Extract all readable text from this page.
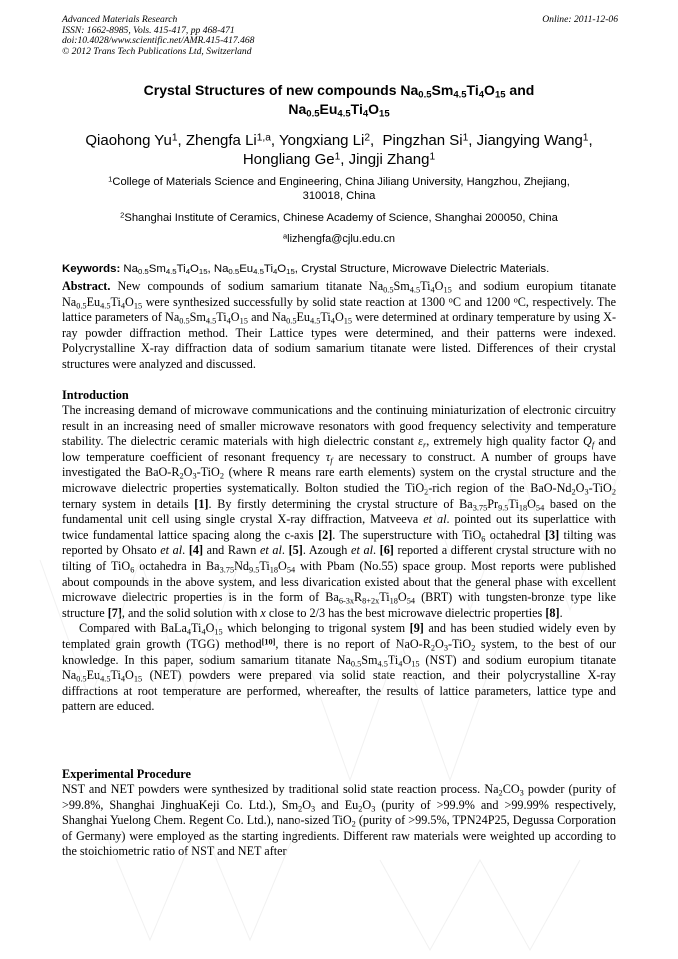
Advanced Materials Research
ISSN: 1662-8985, Vols. 415-417, pp 468-471
doi:10.4028/www.scientific.net/AMR.415-417.468
© 2012 Trans Tech Publications Ltd, Switzerland
Online: 2011-12-06
Crystal Structures of new compounds $Na_{0.5}Sm_{4.5}Ti_4O_{15}$ and
$Na_{0.5}Eu_{4.5}Ti_4O_{15}$
Qiaohong Yu$^1$, Zhengfa Li$^{1,a}$, Yongxiang Li$^2$,  Pingzhan Si$^1$, Jiangying Wang$^1$,
Hongliang Ge$^1$, Jingji Zhang$^1$
$^1$College of Materials Science and Engineering, China Jiliang University, Hangzhou, Zhejiang,
310018, China
$^2$Shanghai Institute of Ceramics, Chinese Academy of Science, Shanghai 200050, China
$^a$lizhengfa@cjlu.edu.cn
Keywords: $Na_{0.5}Sm_{4.5}Ti_4O_{15}$, $Na_{0.5}Eu_{4.5}Ti_4O_{15}$, Crystal Structure, Microwave Dielectric Materials.

Abstract. New compounds of sodium samarium titanate $Na_{0.5}Sm_{4.5}Ti_4O_{15}$ and sodium europium titanate $Na_{0.5}Eu_{4.5}Ti_4O_{15}$ were synthesized successfully by solid state reaction at 1300 $^o$C and 1200 $^o$C, respectively. The lattice parameters of $Na_{0.5}Sm_{4.5}Ti_4O_{15}$ and $Na_{0.5}Eu_{4.5}Ti_4O_{15}$ were determined at ordinary temperature by using X-ray powder diffraction method. Their Lattice types were determined, and their patterns were indexed. Polycrystalline X-ray diffraction data of sodium samarium titanate were listed. Differences of their crystal structures were analyzed and discussed.

Introduction

The increasing demand of microwave communications and the continuing miniaturization of electronic circuitry result in an increasing need of smaller microwave resonators with good frequency selectivity and temperature stability. The dielectric ceramic materials with high dielectric constant $\varepsilon_r$, extremely high quality factor $Q_f$ and low temperature coefficient of resonant frequency $\tau_f$ are necessary to construct. A number of groups have investigated the BaO-$R_2O_3-TiO_2$ (where R means rare earth elements) system on the crystal structure and the microwave dielectric properties systematically. Bolton studied the TiO$_2$-rich region of the BaO-$Nd_2O_3-TiO_2$ ternary system in details [1]. By firstly determining the crystal structure of $Ba_{3.75}Pr_{9.5}Ti_{18}O_{54}$ based on the fundamental unit cell using single crystal X-ray diffraction, Matveeva et al. pointed out its superlattice with twice fundamental lattice spacing along the c-axis [2]. The superstructure with TiO$_6$ octahedral [3] tilting was reported by Ohsato et al. [4] and Rawn et al. [5]. Azough et al. [6] reported a different crystal structure with no tilting of TiO$_6$ octahedra in $Ba_{3.75}Nd_{9.5}Ti_{18}O_{54}$ with Pbam (No.55) space group. Most reports were published about compounds in the above system, and less divarication existed about that the general phase with excellent microwave dielectric properties is in the form of $Ba_{6-3x}R_{8+2x}Ti_{18}O_{54}$ (BRT) with tungsten-bronze type like structure [7], and the solid solution with x close to 2/3 has the best microwave dielectric properties [8].

Compared with $BaLa_4Ti_4O_{15}$ which belonging to trigonal system [9] and has been studied widely even by templated grain growth (TGG) method[10], there is no report of NaO-$R_2O_3-TiO_2$ system, to the best of our knowledge. In this paper, sodium samarium titanate $Na_{0.5}Sm_{4.5}Ti_4O_{15}$ (NST) and sodium europium titanate $Na_{0.5}Eu_{4.5}Ti_4O_{15}$ (NET) powders were prepared via solid state reaction, and their polycrystalline X-ray diffractions at root temperature are performed, whereafter, the results of lattice parameters, lattice type and pattern are educed.

Experimental Procedure

NST and NET powders were synthesized by traditional solid state reaction process. $Na_2CO_3$ powder (purity of >99.8%, Shanghai JinghuaKeji Co. Ltd.), $Sm_2O_3$ and $Eu_2O_3$ (purity of >99.9% and >99.99% respectively, Shanghai Yuelong Chem. Regent Co. Ltd.), nano-sized TiO$_2$ (purity of >99.5%, TPN24P25, Degussa Corporation of Germany) were employed as the starting ingredients. Different raw materials were weighted up according to the stoichiometric ratio of NST and NET after
